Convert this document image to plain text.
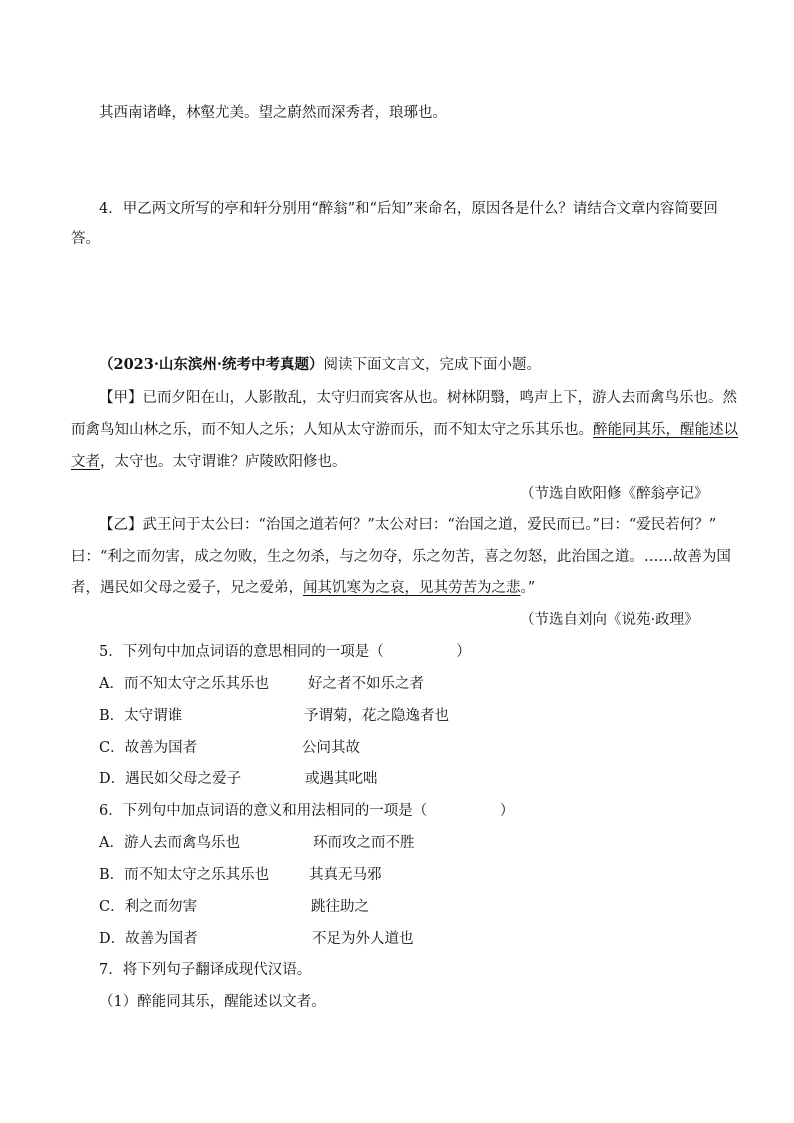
其西南诸峰，林壑尤美。望之蔚然而深秀者，琅琊也。
4．甲乙两文所写的亭和轩分别用“醉翁”和“后知”来命名，原因各是什么？请结合文章内容简要回
答。
（2023·山东滨州·统考中考真题）阅读下面文言文，完成下面小题。
【甲】已而夕阳在山，人影散乱，太守归而宾客从也。树林阴翳，鸣声上下，游人去而禽鸟乐也。然
而禽鸟知山林之乐，而不知人之乐；人知从太守游而乐，而不知太守之乐其乐也。醉能同其乐，醒能述以
文者，太守也。太守谓谁？庐陵欧阳修也。
（节选自欧阳修《醉翁亭记》
【乙】武王问于太公曰：“治国之道若何？”太公对曰：“治国之道，爱民而已。”曰：“爱民若何？”
曰：“利之而勿害，成之勿败，生之勿杀，与之勿夺，乐之勿苦，喜之勿怒，此治国之道。……故善为国
者，遇民如父母之爱子，兄之爱弟，闻其饥寒为之哀，见其劳苦为之悲。”
（节选自刘向《说苑·政理》
5．下列句中加点词语的意思相同的一项是（　　　　　）
A．而不知太守之乐其乐也	好之者不如乐之者
B．太守谓谁	予谓菊，花之隐逸者也
C．故善为国者	公问其故
D．遇民如父母之爱子	或遇其叱咄
6．下列句中加点词语的意义和用法相同的一项是（　　　　　）
A．游人去而禽鸟乐也	环而攻之而不胜
B．而不知太守之乐其乐也	其真无马邪
C．利之而勿害	跳往助之
D．故善为国者	不足为外人道也
7．将下列句子翻译成现代汉语。
（1）醉能同其乐，醒能述以文者。
